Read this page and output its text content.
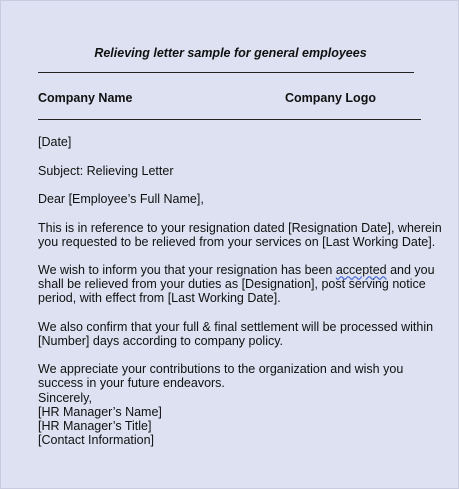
Relieving letter sample for general employees
Company Name	Company Logo
[Date]
Subject: Relieving Letter
Dear [Employee’s Full Name],
This is in reference to your resignation dated [Resignation Date], wherein
you requested to be relieved from your services on [Last Working Date].
We wish to inform you that your resignation has been accepted and you
shall be relieved from your duties as [Designation], post serving notice
period, with effect from [Last Working Date].
We also confirm that your full & final settlement will be processed within
[Number] days according to company policy.
We appreciate your contributions to the organization and wish you
success in your future endeavors.
Sincerely,
[HR Manager’s Name]
[HR Manager’s Title]
[Contact Information]
